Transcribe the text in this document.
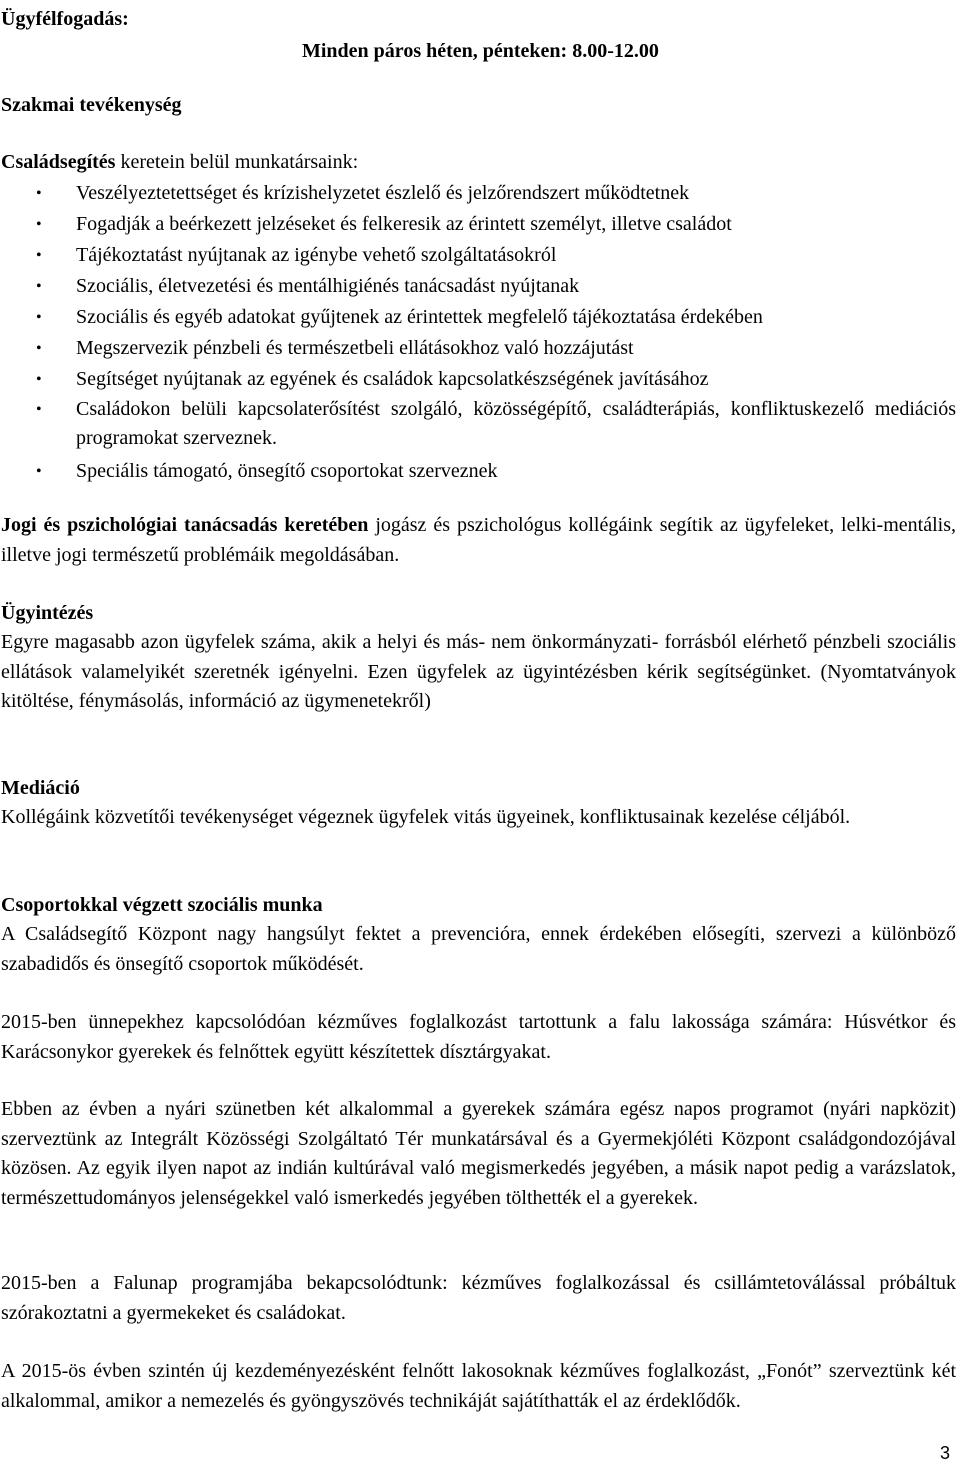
Ügyfélfogadás:
Minden páros héten, pénteken: 8.00-12.00
Szakmai tevékenység
Családsegítés keretein belül munkatársaink:
• Veszélyeztetettséget és krízishelyzetet észlelő és jelzőrendszert működtetnek
• Fogadják a beérkezett jelzéseket és felkeresik az érintett személyt, illetve családot
• Tájékoztatást nyújtanak az igénybe vehető szolgáltatásokról
• Szociális, életvezetési és mentálhigiénés tanácsadást nyújtanak
• Szociális és egyéb adatokat gyűjtenek az érintettek megfelelő tájékoztatása érdekében
• Megszervezik pénzbeli és természetbeli ellátásokhoz való hozzájutást
• Segítséget nyújtanak az egyének és családok kapcsolatkészségének javításához
• Családokon belüli kapcsolaterősítést szolgáló, közösségépítő, családterápiás, konfliktuskezelő mediációs programokat szerveznek.
• Speciális támogató, önsegítő csoportokat szerveznek
Jogi és pszichológiai tanácsadás keretében jogász és pszichológus kollégáink segítik az ügyfeleket, lelki-mentális, illetve jogi természetű problémáik megoldásában.
Ügyintézés
Egyre magasabb azon ügyfelek száma, akik a helyi és más- nem önkormányzati- forrásból elérhető pénzbeli szociális ellátások valamelyikét szeretnék igényelni. Ezen ügyfelek az ügyintézésben kérik segítségünket. (Nyomtatványok kitöltése, fénymásolás, információ az ügymenetekről)
Mediáció
Kollégáink közvetítői tevékenységet végeznek ügyfelek vitás ügyeinek, konfliktusainak kezelése céljából.
Csoportokkal végzett szociális munka
A Családsegítő Központ nagy hangsúlyt fektet a prevencióra, ennek érdekében elősegíti, szervezi a különböző szabadidős és önsegítő csoportok működését.
2015-ben ünnepekhez kapcsolódóan kézműves foglalkozást tartottunk a falu lakossága számára: Húsvétkor és Karácsonykor gyerekek és felnőttek együtt készítettek dísztárgyakat.
Ebben az évben a nyári szünetben két alkalommal a gyerekek számára egész napos programot (nyári napközit) szerveztünk az Integrált Közösségi Szolgáltató Tér munkatársával és a Gyermekjóléti Központ családgondozójával közösen. Az egyik ilyen napot az indián kultúrával való megismerkedés jegyében, a másik napot pedig a varázslatok, természettudományos jelenségekkel való ismerkedés jegyében tölthették el a gyerekek.
2015-ben a Falunap programjába bekapcsolódtunk: kézműves foglalkozással és csillámtetoválással próbáltuk szórakoztatni a gyermekeket és családokat.
A 2015-ös évben szintén új kezdeményezésként felnőtt lakosoknak kézműves foglalkozást, „Fonót” szerveztünk két alkalommal, amikor a nemezelés és gyöngyszövés technikáját sajátíthatták el az érdeklődők.
3
